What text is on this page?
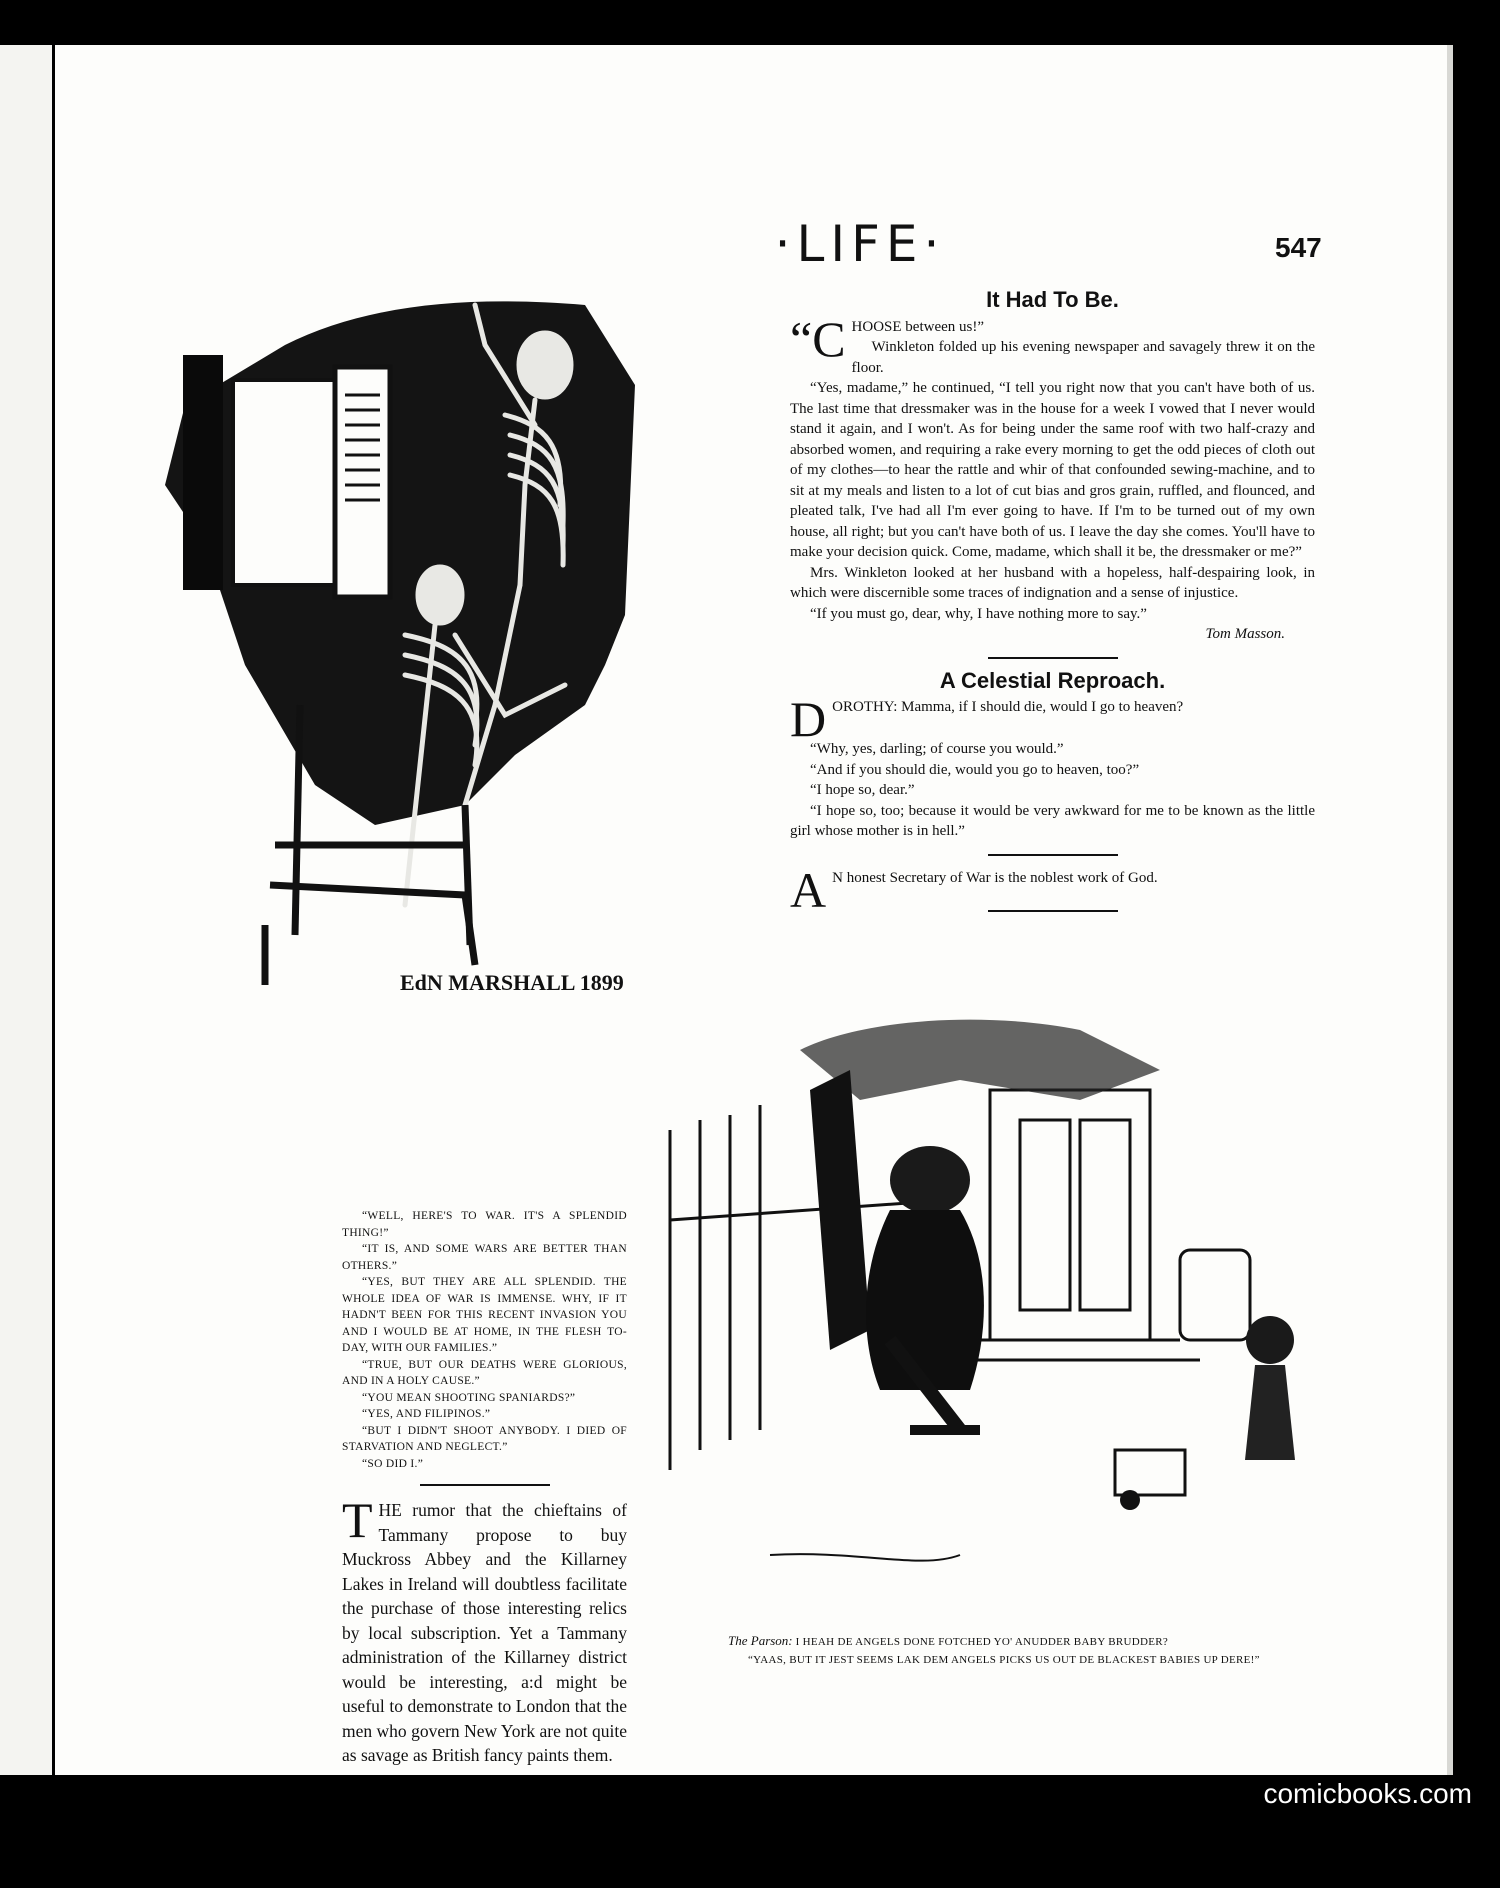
·LIFE·	547
EdN MARSHALL 1899

“WELL, HERE'S TO WAR. IT'S A SPLENDID THING!”

“IT IS, AND SOME WARS ARE BETTER THAN OTHERS.”

“YES, BUT THEY ARE ALL SPLENDID. THE WHOLE IDEA OF WAR IS IMMENSE. WHY, IF IT HADN'T BEEN FOR THIS RECENT INVASION YOU AND I WOULD BE AT HOME, IN THE FLESH TO-DAY, WITH OUR FAMILIES.”

“TRUE, BUT OUR DEATHS WERE GLORIOUS, AND IN A HOLY CAUSE.”

“YOU MEAN SHOOTING SPANIARDS?”

“YES, AND FILIPINOS.”

“BUT I DIDN'T SHOOT ANYBODY. I DIED OF STARVATION AND NEGLECT.”

“SO DID I.”

THE rumor that the chieftains of Tammany propose to buy Muckross Abbey and the Killarney Lakes in Ireland will doubtless facilitate the purchase of those interesting relics by local subscription. Yet a Tammany administration of the Killarney district would be interesting, a:d might be useful to demonstrate to London that the men who govern New York are not quite as savage as British fancy paints them.

It Had To Be.

“CHOOSE between us!”

Winkleton folded up his evening newspaper and savagely threw it on the floor.

“Yes, madame,” he continued, “I tell you right now that you can't have both of us. The last time that dressmaker was in the house for a week I vowed that I never would stand it again, and I won't. As for being under the same roof with two half-crazy and absorbed women, and requiring a rake every morning to get the odd pieces of cloth out of my clothes—to hear the rattle and whir of that confounded sewing-machine, and to sit at my meals and listen to a lot of cut bias and gros grain, ruffled, and flounced, and pleated talk, I've had all I'm ever going to have. If I'm to be turned out of my own house, all right; but you can't have both of us. I leave the day she comes. You'll have to make your decision quick. Come, madame, which shall it be, the dressmaker or me?”

Mrs. Winkleton looked at her husband with a hopeless, half-despairing look, in which were discernible some traces of indignation and a sense of injustice.

“If you must go, dear, why, I have nothing more to say.”

Tom Masson.

A Celestial Reproach.

DOROTHY: Mamma, if I should die, would I go to heaven?

“Why, yes, darling; of course you would.”

“And if you should die, would you go to heaven, too?”

“I hope so, dear.”

“I hope so, too; because it would be very awkward for me to be known as the little girl whose mother is in hell.”

A N honest Secretary of War is the noblest work of God.

The Parson: I HEAH DE ANGELS DONE FOTCHED YO' ANUDDER BABY BRUDDER?

“YAAS, BUT IT JEST SEEMS LAK DEM ANGELS PICKS US OUT DE BLACKEST BABIES UP DERE!”

comicbooks.com
